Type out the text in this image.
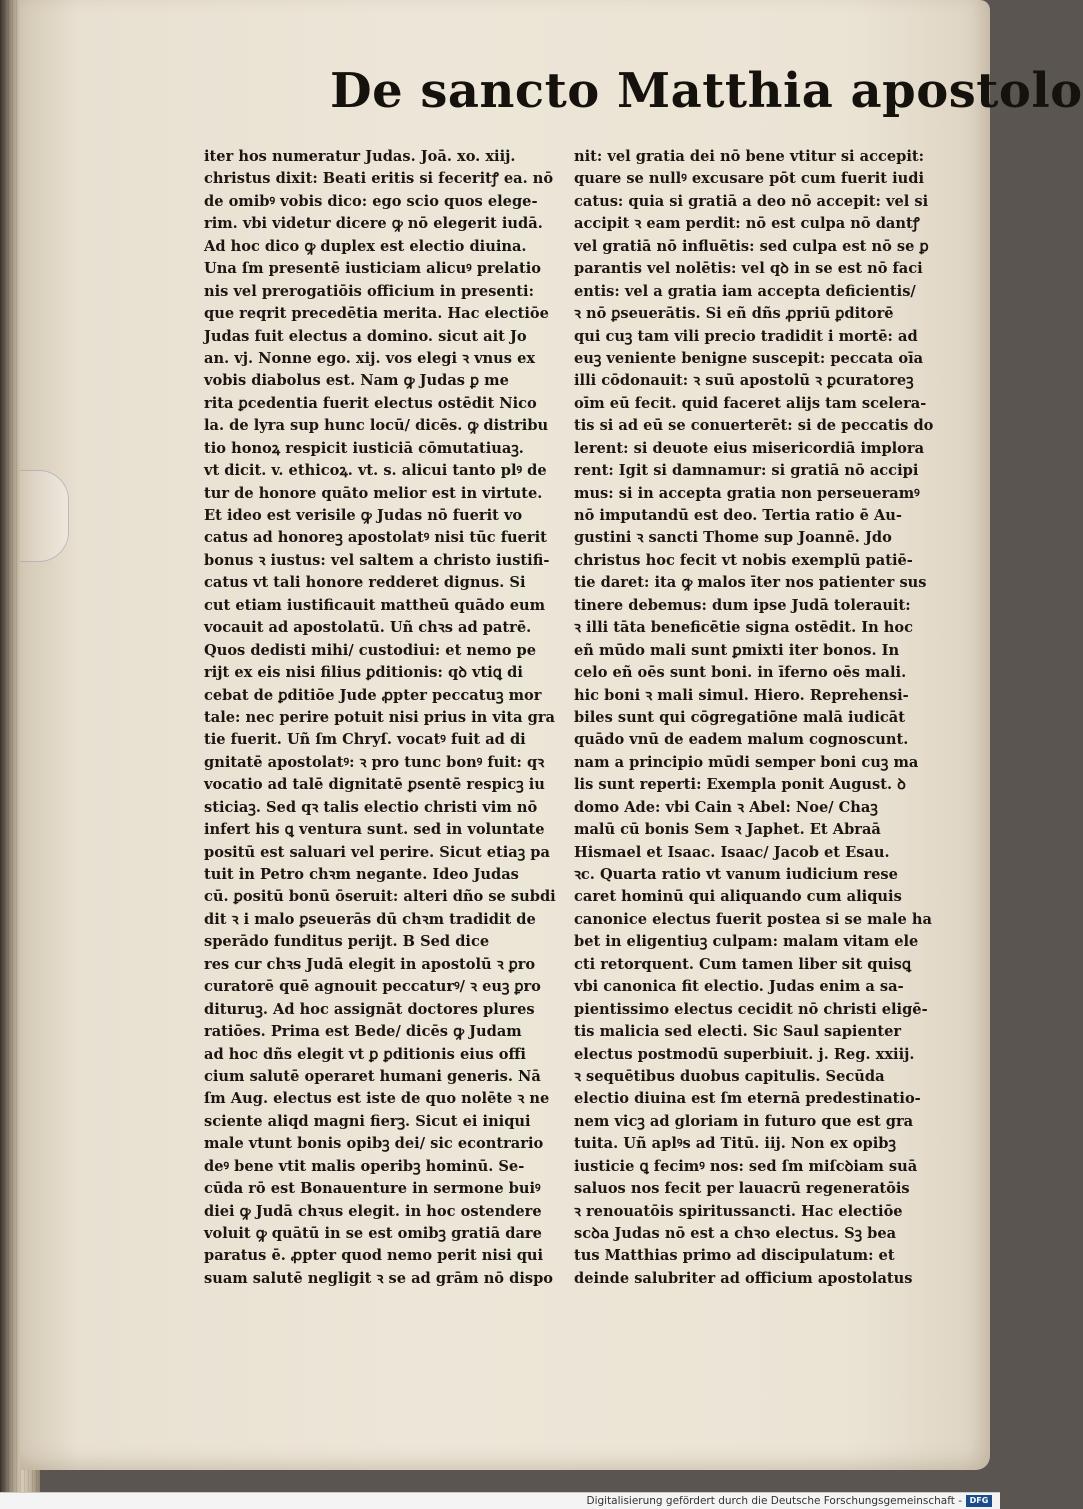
De sancto Matthia apostolo
iter hos numeratur Judas. Joā. xo. xiij.
christus dixit: Beati eritis si feceritꝭ ea. nō
de omibꝰ vobis dico: ego scio quos elege-
rim. vbi videtur dicere ꝙ nō elegerit iudā.
Ad hoc dico ꝙ duplex est electio diuina.
Una ſm presentē iusticiam alicuꝰ prelatio
nis vel prerogatiōis officium in presenti:
que reqrit precedētia merita. Hac electiōe
Judas fuit electus a domino. sicut ait Jo
an. vj. Nonne ego. xij. vos elegi ꝛ vnus ex
vobis diabolus est. Nam ꝙ Judas ꝑ me
rita ꝑcedentia fuerit electus ostēdit Nico
la. de lyra sup hunc locū/ dicēs. ꝙ distribu
tio honoꝝ respicit iusticiā cōmutatiuaꝫ.
vt dicit. v. ethicoꝝ. vt. s. alicui tanto plꝰ de
tur de honore quāto melior est in virtute.
Et ideo est verisile ꝙ Judas nō fuerit vo
catus ad honoreꝫ apostolatꝰ nisi tūc fuerit
bonus ꝛ iustus: vel saltem a christo iustifi-
catus vt tali honore redderet dignus. Si
cut etiam iustificauit mattheū quādo eum
vocauit ad apostolatū. Uñ chꝛs ad patrē.
Quos dedisti mihi/ custodiui: et nemo pe
rijt ex eis nisi filius ꝑditionis: qꝺ vtiꝗ di
cebat de ꝑditiōe Jude ꝓpter peccatuꝫ mor
tale: nec perire potuit nisi prius in vita gra
tie fuerit. Uñ ſm Chryſ. vocatꝰ fuit ad di
gnitatē apostolatꝰ: ꝛ pro tunc bonꝰ fuit: qꝛ
vocatio ad talē dignitatē ꝑsentē respicꝫ iu
sticiaꝫ. Sed qꝛ talis electio christi vim nō
infert his ꝗ ventura sunt. sed in voluntate
positū est saluari vel perire. Sicut etiaꝫ pa
tuit in Petro chꝛm negante. Ideo Judas
cū. ꝑositū bonū ōseruit: alteri dño se subdi
dit ꝛ i malo ꝑseuerās dū chꝛm tradidit de
sperādo funditus perijt. B Sed dice
res cur chꝛs Judā elegit in apostolū ꝛ ꝑro
curatorē quē agnouit peccaturꝰ/ ꝛ euꝫ ꝑro
dituruꝫ. Ad hoc assignāt doctores plures
ratiōes. Prima est Bede/ dicēs ꝙ Judam
ad hoc dñs elegit vt ꝑ ꝑditionis eius offi
cium salutē operaret humani generis. Nā
ſm Aug. electus est iste de quo nolēte ꝛ ne
sciente aliqd magni fierꝫ. Sicut ei iniqui
male vtunt bonis opibꝫ dei/ sic econtrario
deꝰ bene vtit malis operibꝫ hominū. Se-
cūda rō est Bonauenture in sermone buiꝰ
diei ꝙ Judā chꝛus elegit. in hoc ostendere
voluit ꝙ quātū in se est omibꝫ gratiā dare
paratus ē. ꝓpter quod nemo perit nisi qui
suam salutē negligit ꝛ se ad grām nō dispo
nit: vel gratia dei nō bene vtitur si accepit:
quare se nullꝰ excusare pōt cum fuerit iudi
catus: quia si gratiā a deo nō accepit: vel si
accipit ꝛ eam perdit: nō est culpa nō dantꝭ
vel gratiā nō influētis: sed culpa est nō se ꝑ
parantis vel nolētis: vel qꝺ in se est nō faci
entis: vel a gratia iam accepta deficientis/
ꝛ nō ꝑseuerātis. Si eñ dñs ꝓpriū ꝑditorē
qui cuꝫ tam vili precio tradidit i mortē: ad
euꝫ veniente benigne suscepit: peccata oīa
illi cōdonauit: ꝛ suū apostolū ꝛ ꝑcuratoreꝫ
oīm eū fecit. quid faceret alijs tam scelera-
tis si ad eū se conuerterēt: si de peccatis do
lerent: si deuote eius misericordiā implora
rent: Igit si damnamur: si gratiā nō accipi
mus: si in accepta gratia non perseueramꝰ
nō imputandū est deo. Tertia ratio ē Au-
gustini ꝛ sancti Thome sup Joannē. Jdo
christus hoc fecit vt nobis exemplū patiē-
tie daret: ita ꝙ malos īter nos patienter sus
tinere debemus: dum ipse Judā tolerauit:
ꝛ illi tāta beneficētie signa ostēdit. In hoc
eñ mūdo mali sunt ꝑmixti iter bonos. In
celo eñ oēs sunt boni. in īferno oēs mali.
hic boni ꝛ mali simul. Hiero. Reprehensi-
biles sunt qui cōgregatiōne malā iudicāt
quādo vnū de eadem malum cognoscunt.
nam a principio mūdi semper boni cuꝫ ma
lis sunt reperti: Exempla ponit August. ꝺ
domo Ade: vbi Cain ꝛ Abel: Noe/ Chaꝫ
malū cū bonis Sem ꝛ Japhet. Et Abraā
Hismael et Isaac. Isaac/ Jacob et Esau.
ꝛc. Quarta ratio vt vanum iudicium rese
caret hominū qui aliquando cum aliquis
canonice electus fuerit postea si se male ha
bet in eligentiuꝫ culpam: malam vitam ele
cti retorquent. Cum tamen liber sit quisꝗ
vbi canonica fit electio. Judas enim a sa-
pientissimo electus cecidit nō christi eligē-
tis malicia sed electi. Sic Saul sapienter
electus postmodū superbiuit. j. Reg. xxiij.
ꝛ sequētibus duobus capitulis. Secūda
electio diuina est ſm eternā predestinatio-
nem vicꝫ ad gloriam in futuro que est gra
tuita. Uñ aplꝰs ad Titū. iij. Non ex opibꝫ
iusticie ꝗ fecimꝰ nos: sed ſm miſcꝺiam suā
saluos nos fecit per lauacrū regeneratōis
ꝛ renouatōis spiritussancti. Hac electiōe
scꝺa Judas nō est a chꝛo electus. Sꝫ bea
tus Matthias primo ad discipulatum: et
deinde salubriter ad officium apostolatus
Digitalisierung gefördert durch die Deutsche Forschungsgemeinschaft - DFG
